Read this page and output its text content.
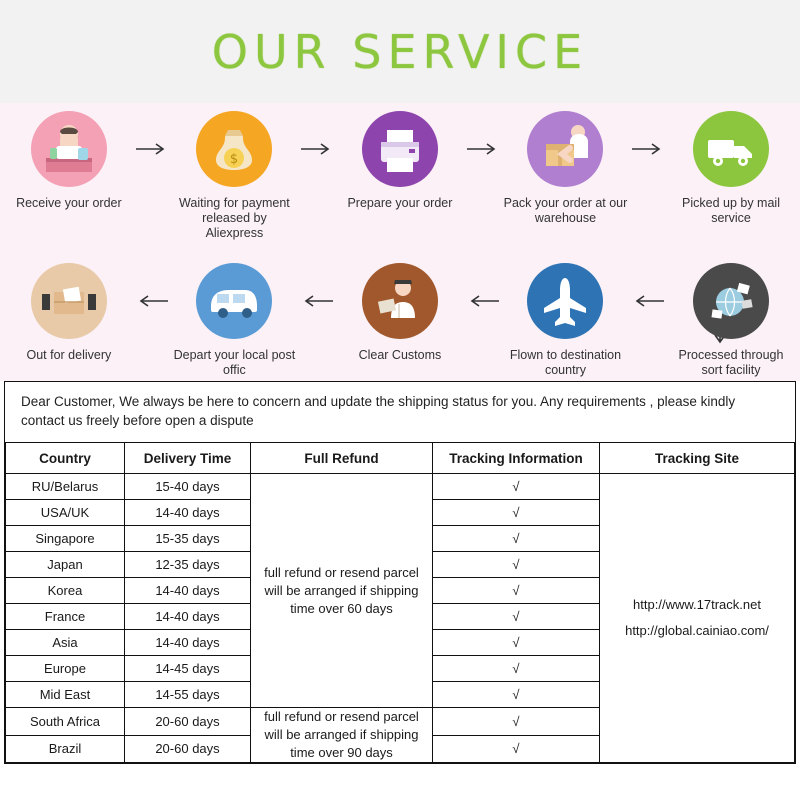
OUR SERVICE
Receive your order
$
Waiting for payment released by Aliexpress
Prepare your order	Pack your order at our warehouse
Picked up by mail service
Out for delivery	Depart your local post offic
Clear Customs	Flown to destination country
Processed through sort facility
Dear Customer, We always be here to concern and update the shipping status for you. Any requirements , please kindly contact us freely before open a dispute
Country	Delivery Time	Full Refund	Tracking Information	Tracking Site
RU/Belarus	15-40 days	full refund or resend parcel will be arranged if shipping time over 60 days	√	http://www.17track.net
http://global.cainiao.com/

USA/UK	14-40 days		√	
Singapore	15-35 days		√	
Japan	12-35 days		√	
Korea	14-40 days		√	
France	14-40 days		√	
Asia	14-40 days		√	
Europe	14-45 days		√	
Mid East	14-55 days		√	
South Africa	20-60 days	full refund or resend parcel will be arranged if shipping time over 90 days	√	
Brazil	20-60 days		√	
